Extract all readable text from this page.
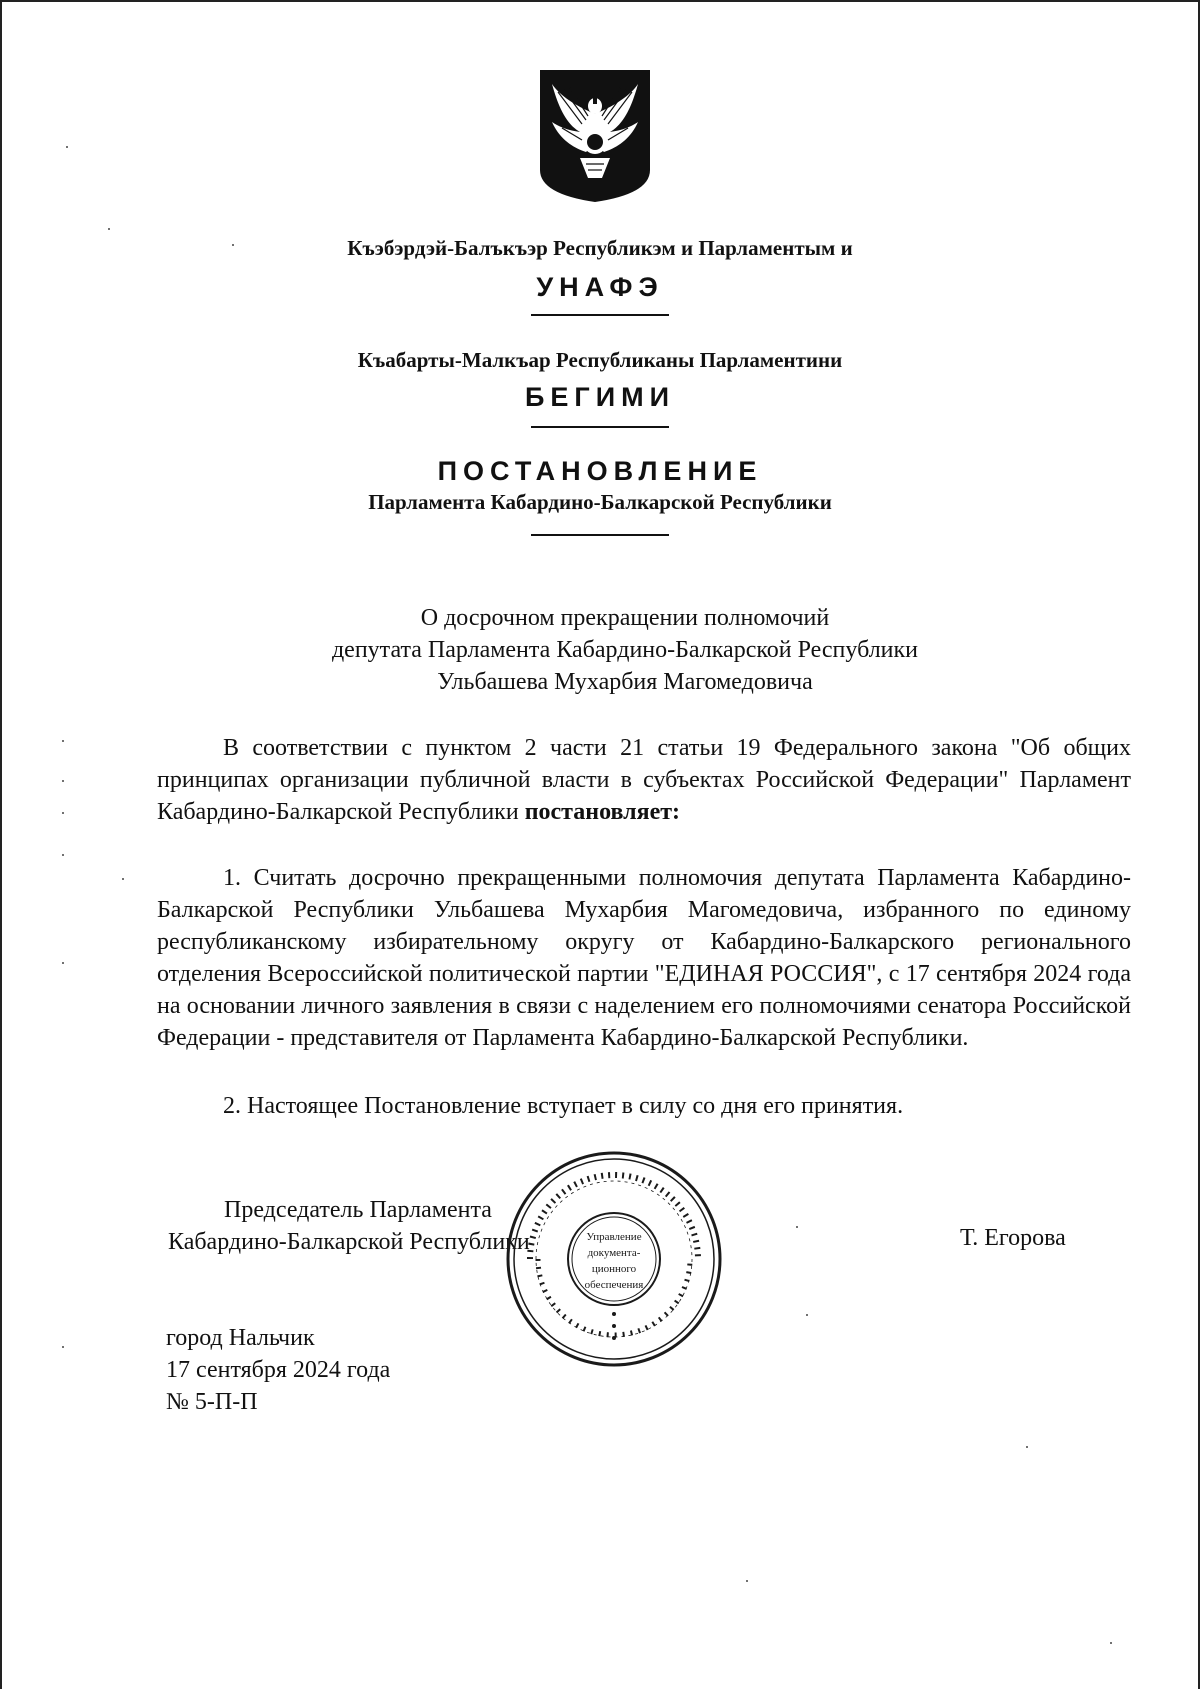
Къэбэрдэй-Балъкъэр Республикэм и Парламентым и
УНАФЭ
Къабарты-Малкъар Республиканы Парламентини
БЕГИМИ
ПОСТАНОВЛЕНИЕ
Парламента Кабардино-Балкарской Республики
О досрочном прекращении полномочий
депутата Парламента Кабардино-Балкарской Республики
Ульбашева Мухарбия Магомедовича
В соответствии с пунктом 2 части 21 статьи 19 Федерального закона "Об общих принципах организации публичной власти в субъектах Российской Федерации" Парламент Кабардино-Балкарской Республики постановляет:
1. Считать досрочно прекращенными полномочия депутата Парламента Кабардино-Балкарской Республики Ульбашева Мухарбия Магомедовича, избранного по единому республиканскому избирательному округу от Кабардино-Балкарского регионального отделения Всероссийской политической партии "ЕДИНАЯ РОССИЯ", с 17 сентября 2024 года на основании личного заявления в связи с наделением его полномочиями сенатора Российской Федерации - представителя от Парламента Кабардино-Балкарской Республики.
2. Настоящее Постановление вступает в силу со дня его принятия.
Председатель Парламента
Кабардино-Балкарской Республики	Т. Егорова
Управление
документа-
ционного
обеспечения
город Нальчик
17 сентября 2024 года
№ 5-П-П
